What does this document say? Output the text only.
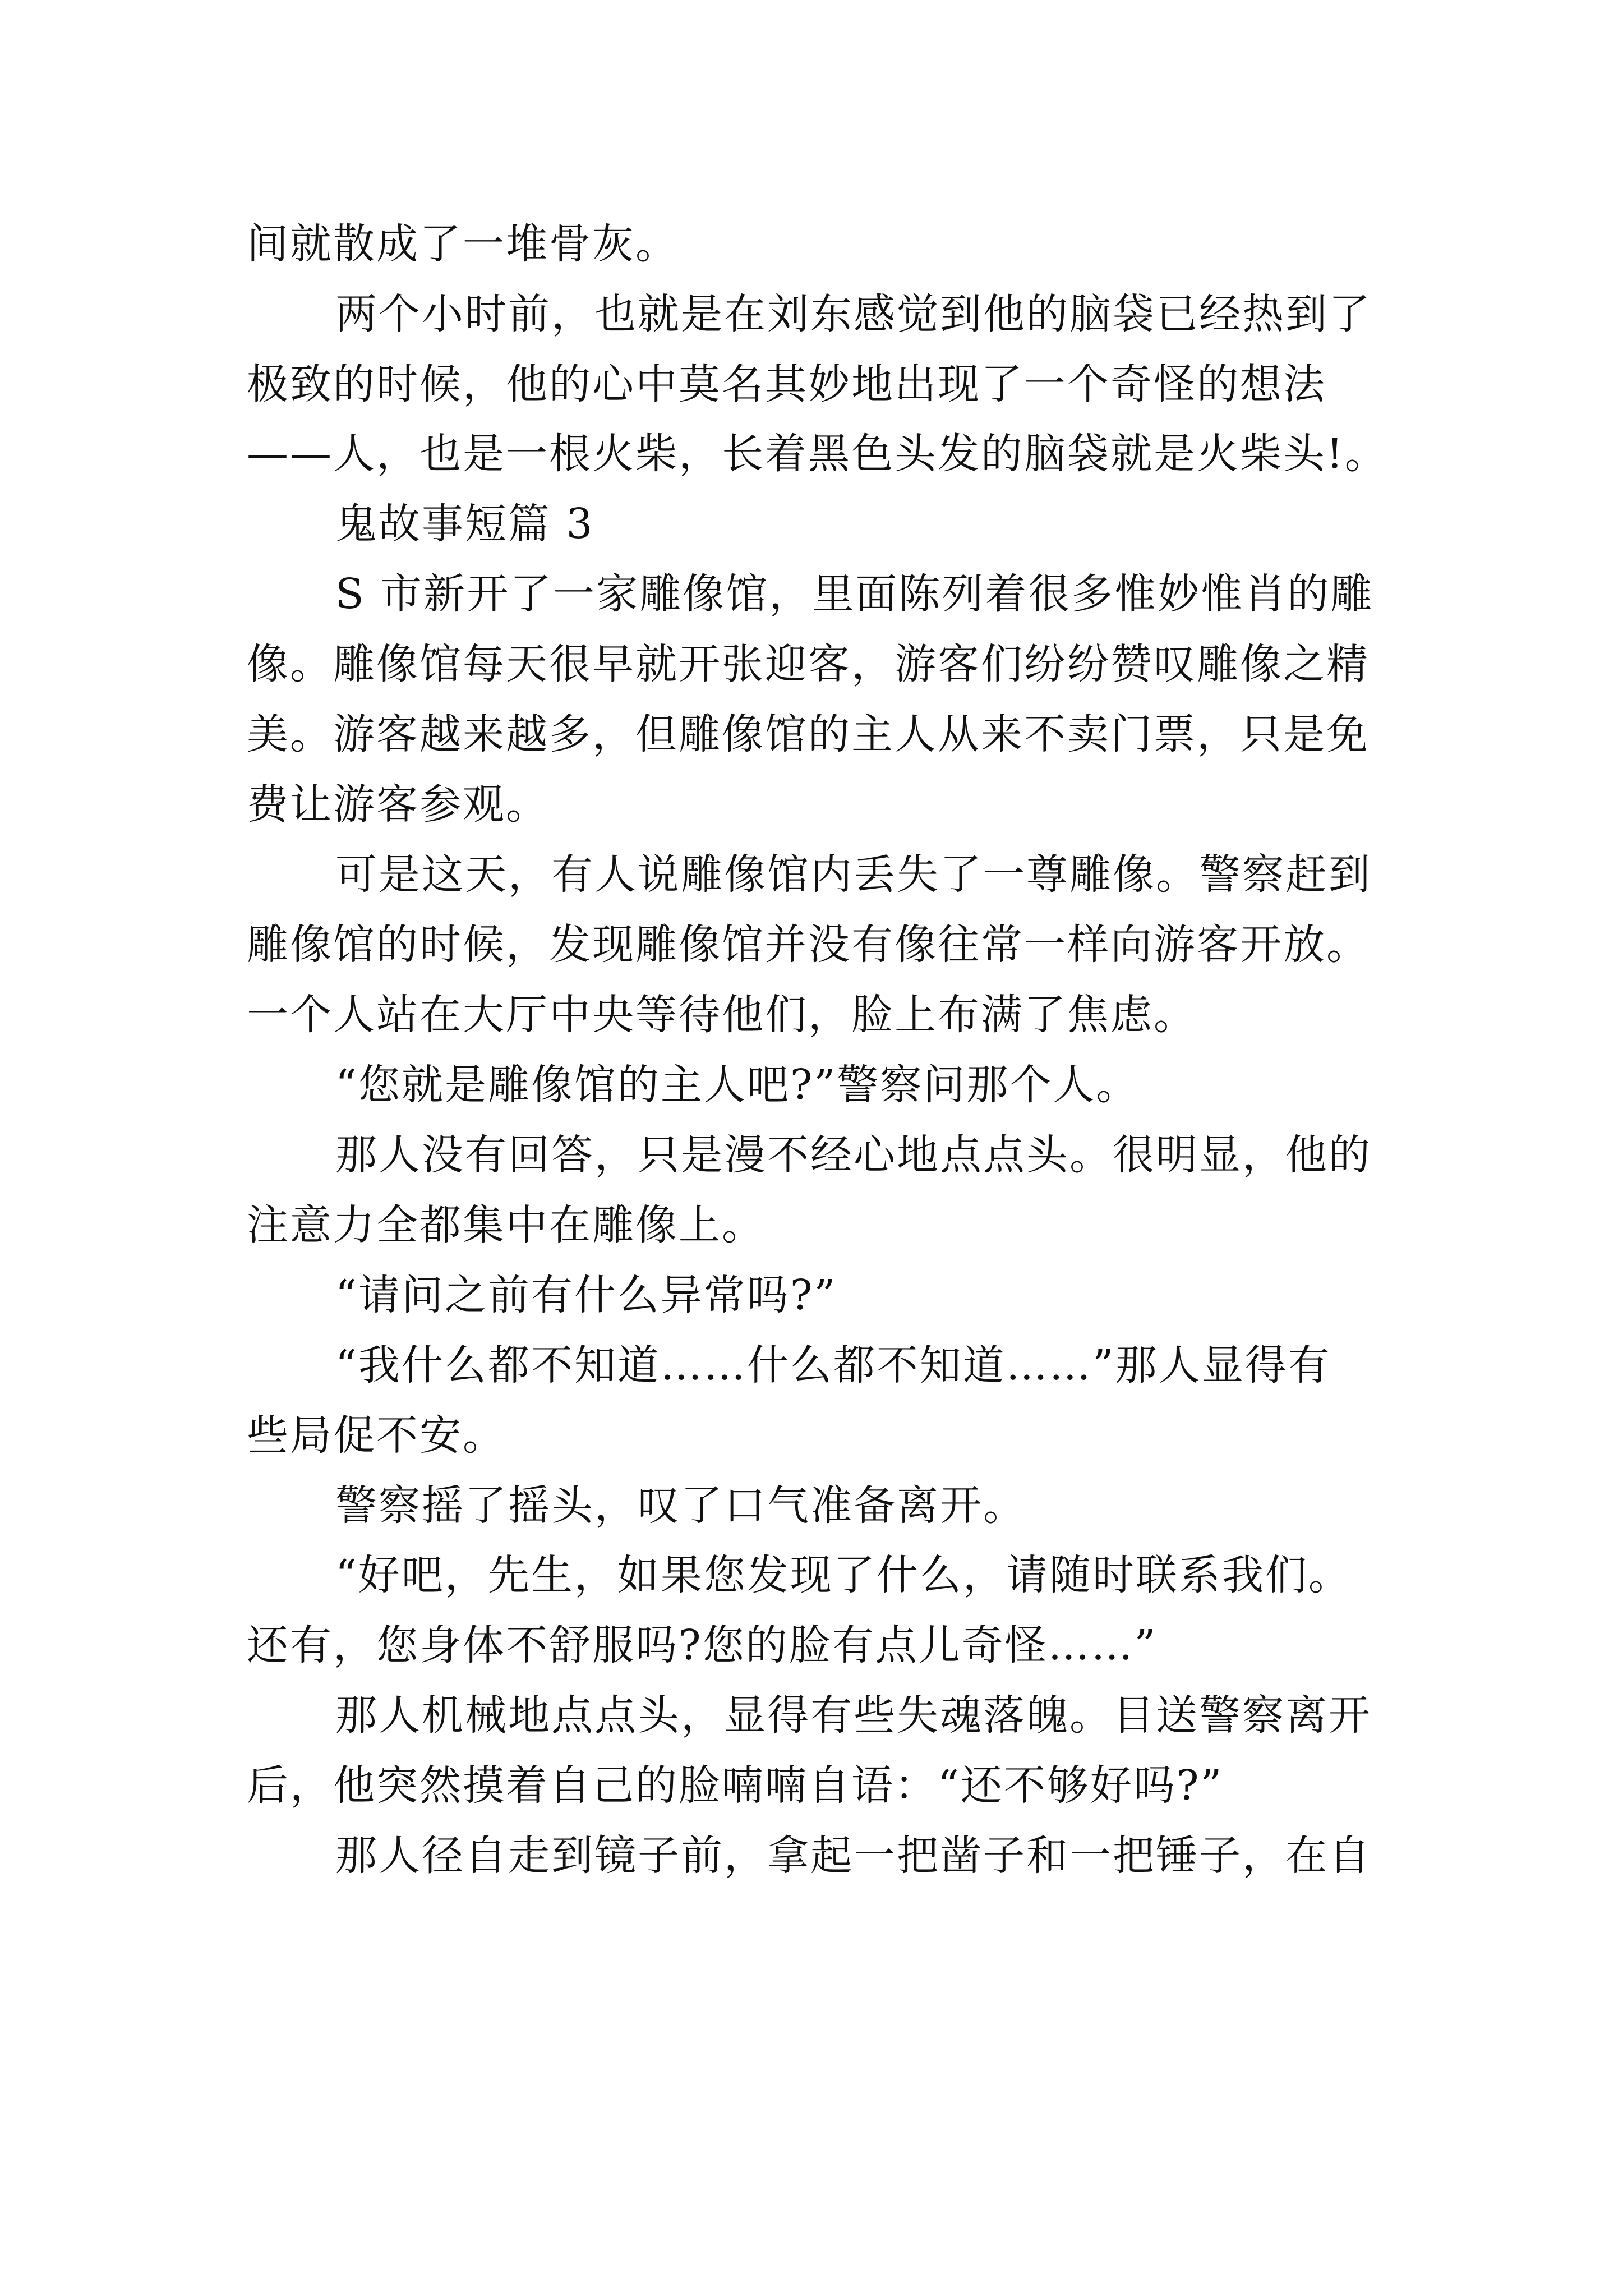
间就散成了一堆骨灰。

两个小时前，也就是在刘东感觉到他的脑袋已经热到了

极致的时候，他的心中莫名其妙地出现了一个奇怪的想法

——人，也是一根火柴，长着黑色头发的脑袋就是火柴头!。

鬼故事短篇 3

S 市新开了一家雕像馆，里面陈列着很多惟妙惟肖的雕

像。雕像馆每天很早就开张迎客，游客们纷纷赞叹雕像之精

美。游客越来越多，但雕像馆的主人从来不卖门票，只是免

费让游客参观。

可是这天，有人说雕像馆内丢失了一尊雕像。警察赶到

雕像馆的时候，发现雕像馆并没有像往常一样向游客开放。

一个人站在大厅中央等待他们，脸上布满了焦虑。

“您就是雕像馆的主人吧?”警察问那个人。

那人没有回答，只是漫不经心地点点头。很明显，他的

注意力全都集中在雕像上。

“请问之前有什么异常吗?”

“我什么都不知道……什么都不知道……”那人显得有

些局促不安。

警察摇了摇头，叹了口气准备离开。

“好吧，先生，如果您发现了什么，请随时联系我们。

还有，您身体不舒服吗?您的脸有点儿奇怪……”

那人机械地点点头，显得有些失魂落魄。目送警察离开

后，他突然摸着自己的脸喃喃自语：“还不够好吗?”

那人径自走到镜子前，拿起一把凿子和一把锤子，在自
